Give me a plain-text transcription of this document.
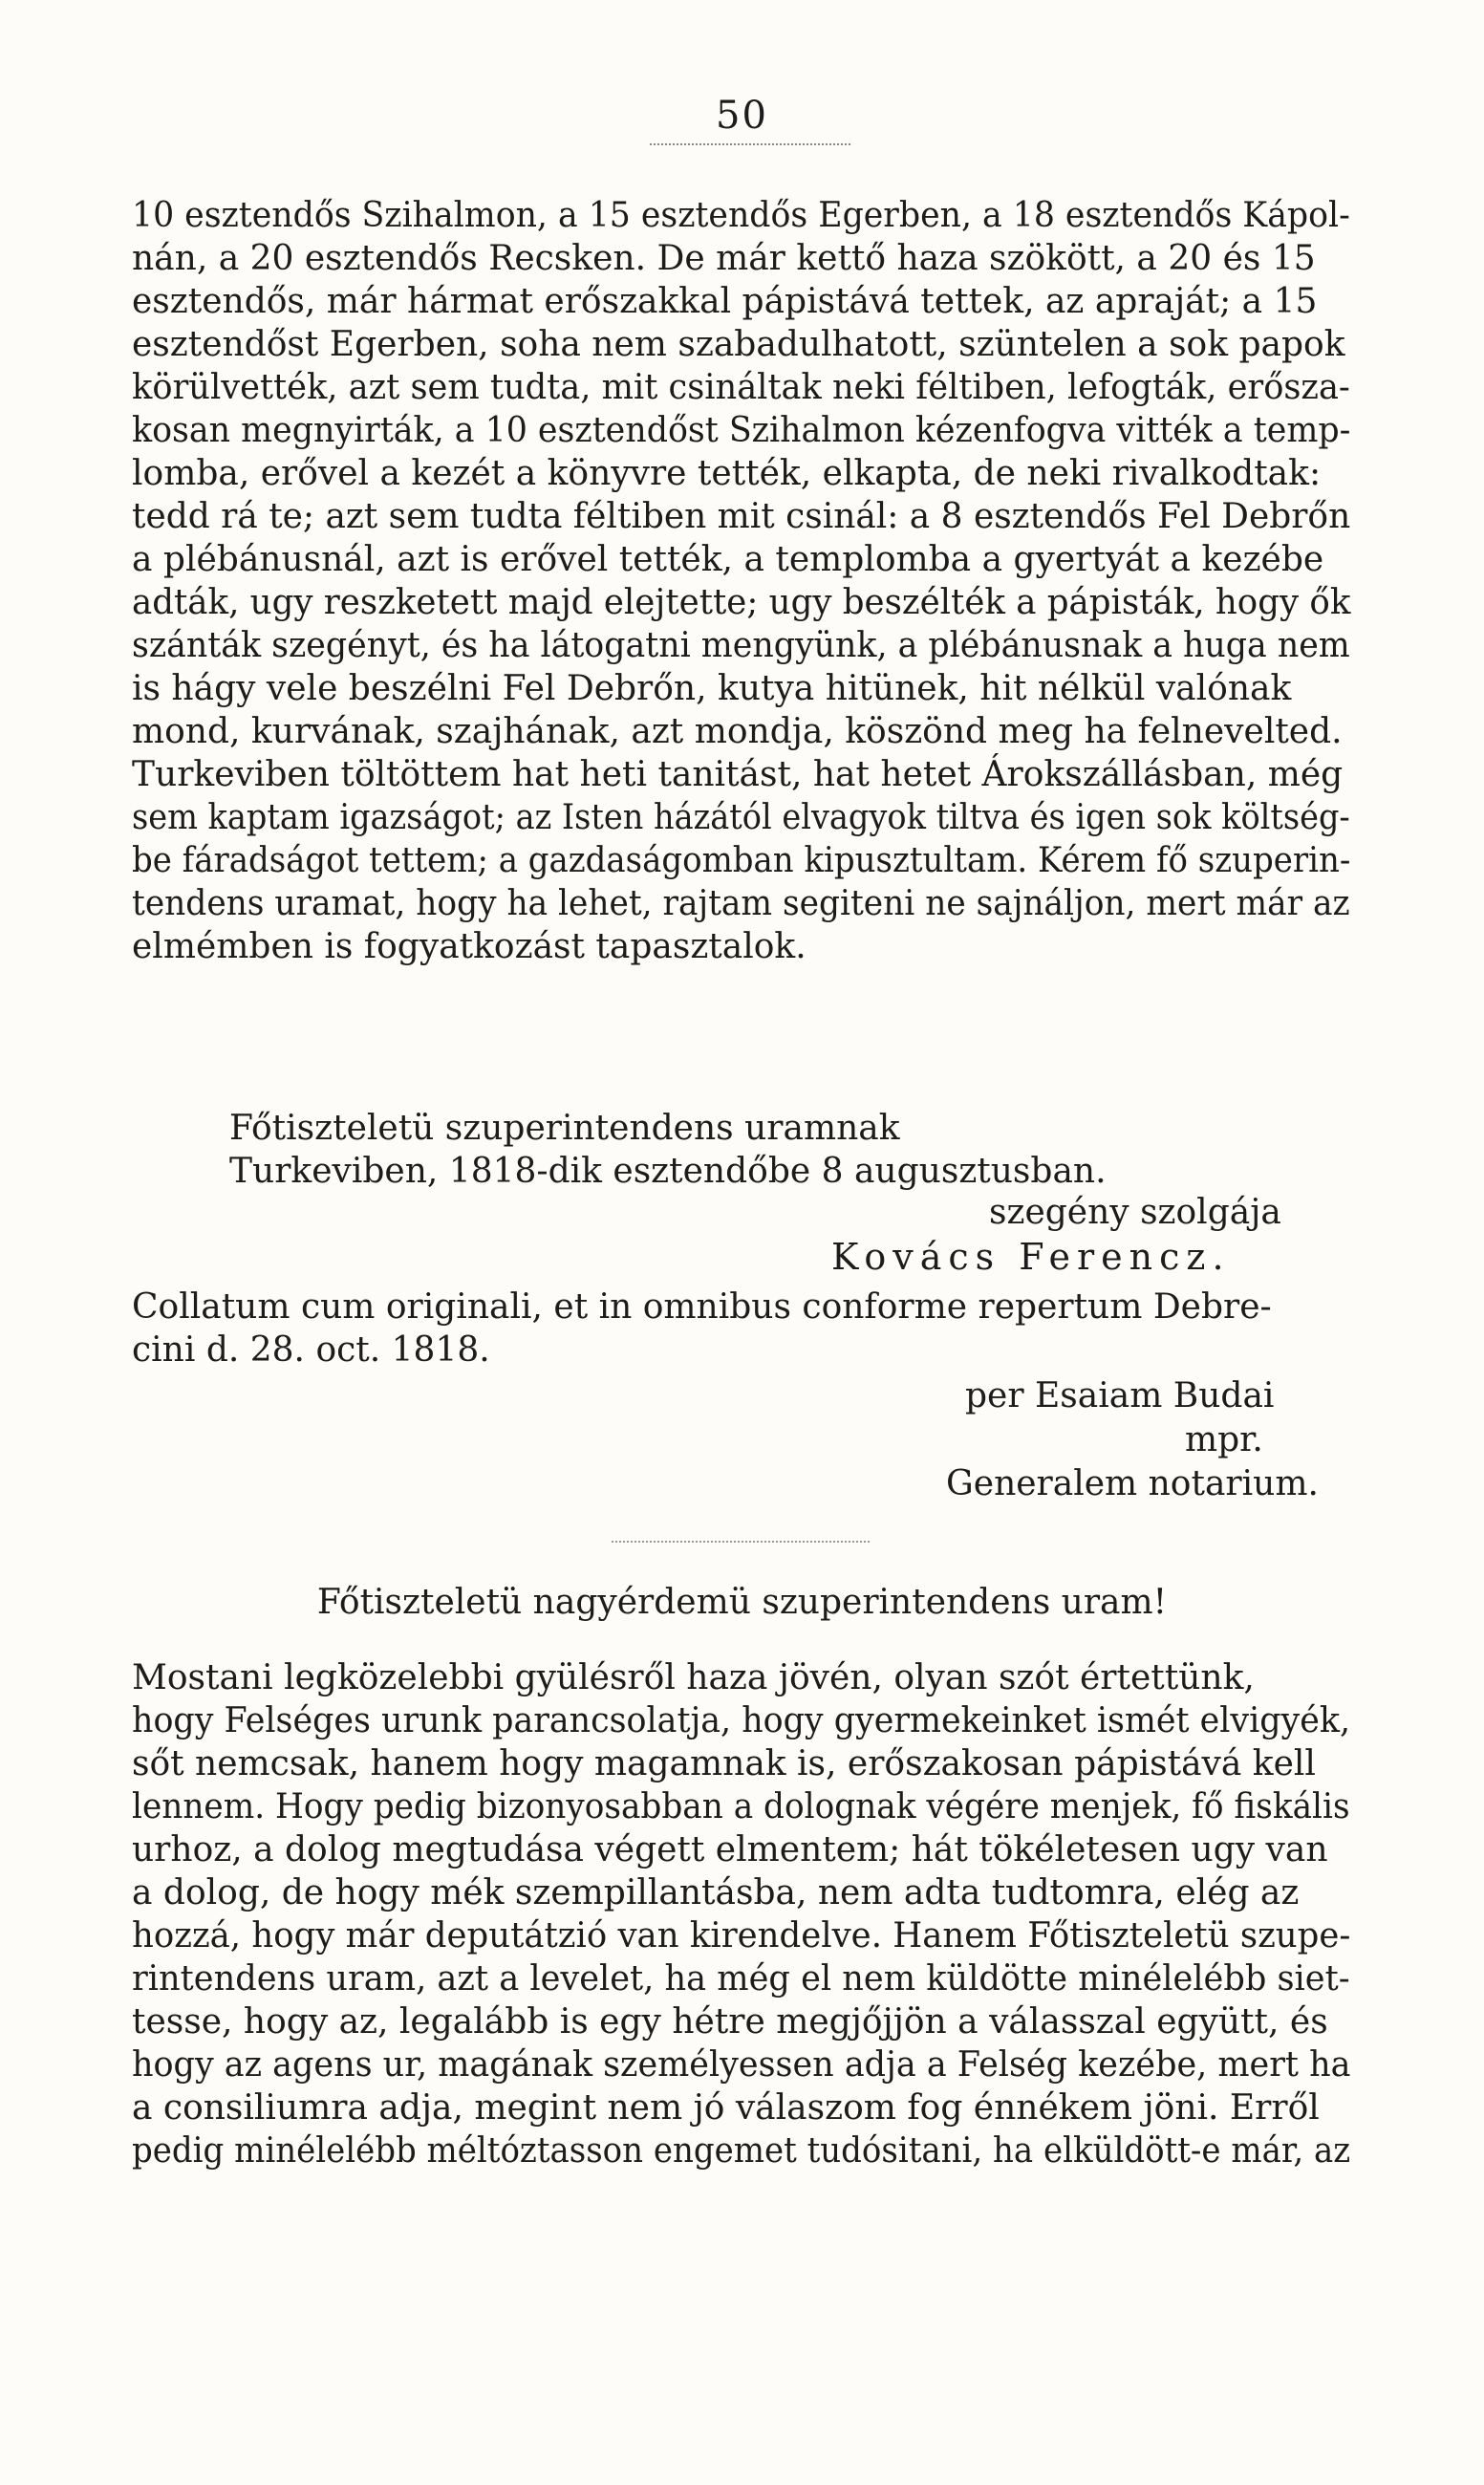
50
10 esztendős Szihalmon, a 15 esztendős Egerben, a 18 esztendős Kápol-
nán, a 20 esztendős Recsken. De már kettő haza szökött, a 20 és 15
esztendős, már hármat erőszakkal pápistává tettek, az apraját; a 15
esztendőst Egerben, soha nem szabadulhatott, szüntelen a sok papok
körülvették, azt sem tudta, mit csináltak neki féltiben, lefogták, erősza-
kosan megnyirták, a 10 esztendőst Szihalmon kézenfogva vitték a temp-
lomba, erővel a kezét a könyvre tették, elkapta, de neki rivalkodtak:
tedd rá te; azt sem tudta féltiben mit csinál: a 8 esztendős Fel Debrőn
a plébánusnál, azt is erővel tették, a templomba a gyertyát a kezébe
adták, ugy reszketett majd elejtette; ugy beszélték a pápisták, hogy ők
szánták szegényt, és ha látogatni mengyünk, a plébánusnak a huga nem
is hágy vele beszélni Fel Debrőn, kutya hitünek, hit nélkül valónak
mond, kurvának, szajhának, azt mondja, köszönd meg ha felnevelted.
Turkeviben töltöttem hat heti tanitást, hat hetet Árokszállásban, még
sem kaptam igazságot; az Isten házától elvagyok tiltva és igen sok költség-
be fáradságot tettem; a gazdaságomban kipusztultam. Kérem fő szuperin-
tendens uramat, hogy ha lehet, rajtam segiteni ne sajnáljon, mert már az
elmémben is fogyatkozást tapasztalok.
Főtiszteletü szuperintendens uramnak
Turkeviben, 1818-dik esztendőbe 8 augusztusban.
szegény szolgája
Kovács Ferencz.
Collatum cum originali, et in omnibus conforme repertum Debre-
cini d. 28. oct. 1818.
per Esaiam Budai
mpr.
Generalem notarium.
Főtiszteletü nagyérdemü szuperintendens uram!
Mostani legközelebbi gyülésről haza jövén, olyan szót értettünk,
hogy Felséges urunk parancsolatja, hogy gyermekeinket ismét elvigyék,
sőt nemcsak, hanem hogy magamnak is, erőszakosan pápistává kell
lennem. Hogy pedig bizonyosabban a dolognak végére menjek, fő fiskális
urhoz, a dolog megtudása végett elmentem; hát tökéletesen ugy van
a dolog, de hogy mék szempillantásba, nem adta tudtomra, elég az
hozzá, hogy már deputátzió van kirendelve. Hanem Főtiszteletü szupe-
rintendens uram, azt a levelet, ha még el nem küldötte minélelébb siet-
tesse, hogy az, legalább is egy hétre megjőjjön a válasszal együtt, és
hogy az agens ur, magának személyessen adja a Felség kezébe, mert ha
a consiliumra adja, megint nem jó válaszom fog énnékem jöni. Erről
pedig minélelébb méltóztasson engemet tudósitani, ha elküldött-e már, az
